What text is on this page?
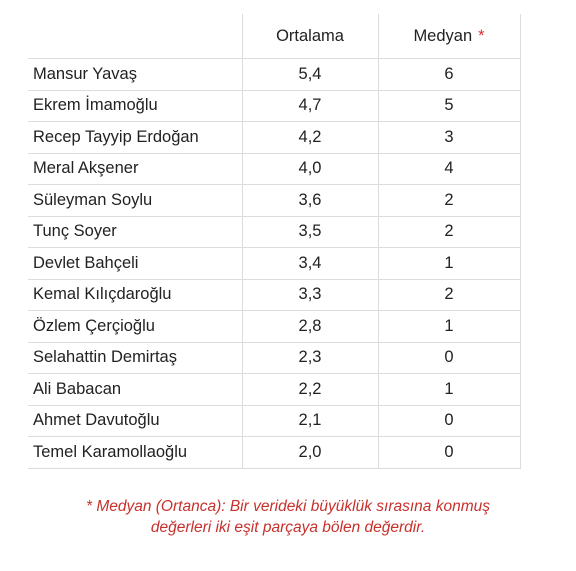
	Ortalama	Medyan *
Mansur Yavaş	5,4	6
Ekrem İmamoğlu	4,7	5
Recep Tayyip Erdoğan	4,2	3
Meral Akşener	4,0	4
Süleyman Soylu	3,6	2
Tunç Soyer	3,5	2
Devlet Bahçeli	3,4	1
Kemal Kılıçdaroğlu	3,3	2
Özlem Çerçioğlu	2,8	1
Selahattin Demirtaş	2,3	0
Ali Babacan	2,2	1
Ahmet Davutoğlu	2,1	0
Temel Karamollaoğlu	2,0	0
* Medyan (Ortanca): Bir verideki büyüklük sırasına konmuş
değerleri iki eşit parçaya bölen değerdir.
